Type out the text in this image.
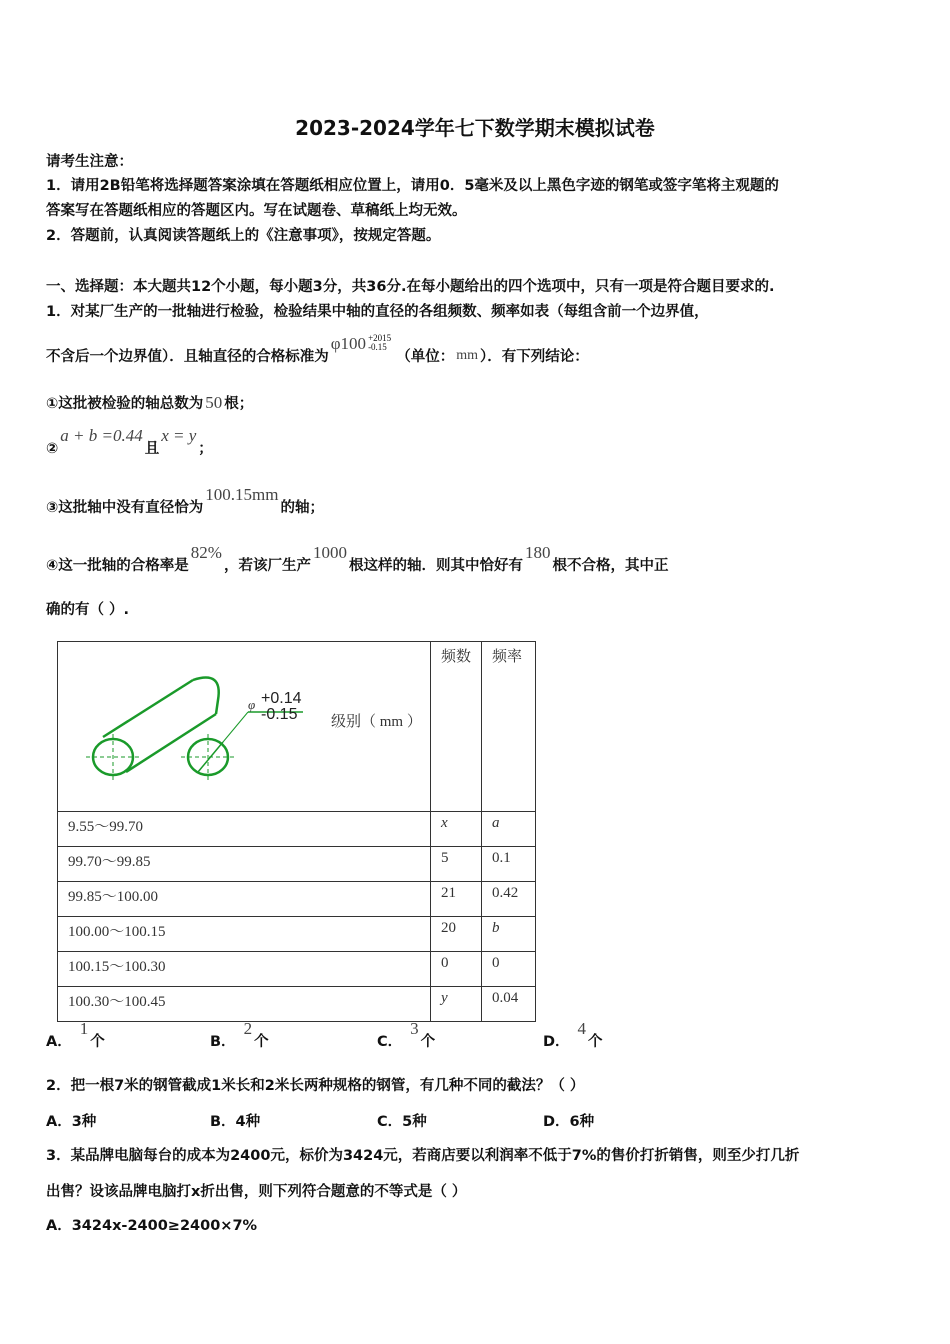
2023-2024学年七下数学期末模拟试卷
请考生注意：
1．请用2B铅笔将选择题答案涂填在答题纸相应位置上，请用0．5毫米及以上黑色字迹的钢笔或签字笔将主观题的
答案写在答题纸相应的答题区内。写在试题卷、草稿纸上均无效。
2．答题前，认真阅读答题纸上的《注意事项》，按规定答题。
一、选择题：本大题共12个小题，每小题3分，共36分.在每小题给出的四个选项中，只有一项是符合题目要求的.
1．对某厂生产的一批轴进行检验，检验结果中轴的直径的各组频数、频率如表（每组含前一个边界值，
不含后一个边界值）．且轴直径的合格标准为φ100 +2015
-0.15 （单位： mm ）．有下列结论：
①这批被检验的轴总数为 50 根；
②a + b =0.44且x = y；
③这批轴中没有直径恰为100.15mm的轴；
④这一批轴的合格率是82%，若该厂生产1000根这样的轴．则其中恰好有180根不合格，其中正
确的有（ ）.
φ +0.14
-0.15 级别（ mm ）	频数	频率
9.55～99.70	x	a
99.70～99.85	5	0.1
99.85～100.00	21	0.42
100.00～100.15	20	b
100.15～100.30	0	0
100.30～100.45	y	0.04
A．1个	B．2个	C．3个	D．4个
2．把一根7米的钢管截成1米长和2米长两种规格的钢管，有几种不同的截法？（ ）
A．3种	B．4种	C．5种	D．6种
3．某品牌电脑每台的成本为2400元，标价为3424元，若商店要以利润率不低于7%的售价打折销售，则至少打几折
出售？设该品牌电脑打x折出售，则下列符合题意的不等式是（ ）
A．3424x-2400≥2400×7%
